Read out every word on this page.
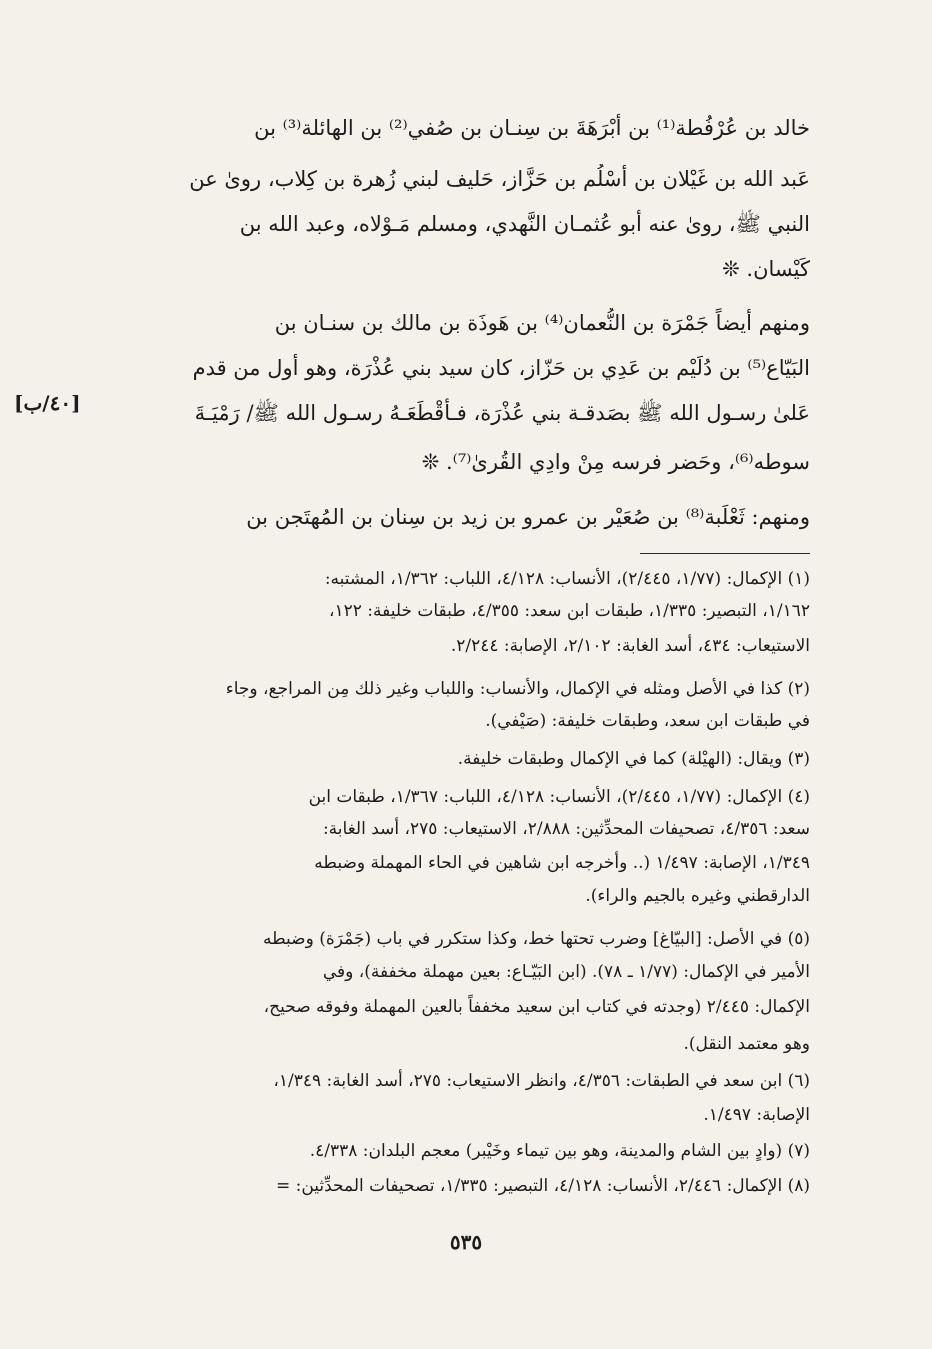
خالد بن عُرْفُطة⁽¹⁾ بن أبْرَهَةَ بن سِنـان بن صُفي⁽²⁾ بن الهائلة⁽³⁾ بن
عَبد الله بن غَيْلان بن أسْلُم بن حَزَّاز، حَليف لبني زُهرة بن كِلاب، روىٰ عن
النبي ﷺ، روىٰ عنه أبو عُثمـان النَّهدي، ومسلم مَـوْلاه، وعبد الله بن
كَيْسان. ❊
ومنهم أيضاً جَمْرَة بن النُّعمان⁽⁴⁾ بن هَوذَة بن مالك بن سنـان بن
البَيّاع⁽⁵⁾ بن دُلَيْم بن عَدِي بن حَزّاز، كان سيد بني عُذْرَة، وهو أول من قدم
عَلىٰ رسـول الله ﷺ بصَدقـة بني عُذْرَة، فـأقْطَعَـهُ رسـول الله ﷺ/ رَمْيَـةَ
سوطه⁽⁶⁾، وحَضر فرسه مِنْ وادِي القُرىٰ⁽⁷⁾. ❊
ومنهم: ثَعْلَبة⁽⁸⁾ بن صُعَيْر بن عمرو بن زيد بن سِنان بن المُهتَجن بن
[٤٠/ب]
(١) الإكمال: (١/٧٧، ٢/٤٤٥)، الأنساب: ٤/١٢٨، اللباب: ١/٣٦٢، المشتبه:
١/١٦٢، التبصير: ١/٣٣٥، طبقات ابن سعد: ٤/٣٥٥، طبقات خليفة: ١٢٢،
الاستيعاب: ٤٣٤، أسد الغابة: ٢/١٠٢، الإصابة: ٢/٢٤٤.
(٢) كذا في الأصل ومثله في الإكمال، والأنساب: واللباب وغير ذلك مِن المراجع، وجاء
في طبقات ابن سعد، وطبقات خليفة: (صَيْفي).
(٣) ويقال: (الهيْلة) كما في الإكمال وطبقات خليفة.
(٤) الإكمال: (١/٧٧، ٢/٤٤٥)، الأنساب: ٤/١٢٨، اللباب: ١/٣٦٧، طبقات ابن
سعد: ٤/٣٥٦، تصحيفات المحدِّثين: ٢/٨٨٨، الاستيعاب: ٢٧٥، أسد الغابة:
١/٣٤٩، الإصابة: ١/٤٩٧ (.. وأخرجه ابن شاهين في الحاء المهملة وضبطه
الدارقطني وغيره بالجيم والراء).
(٥) في الأصل: [البيّاغ] وضرب تحتها خط، وكذا ستكرر في باب (جَمْرَة) وضبطه
الأمير في الإكمال: (١/٧٧ ـ ٧٨). (ابن البَيّـاع: بعين مهملة مخففة)، وفي
الإكمال: ٢/٤٤٥ (وجدته في كتاب ابن سعيد مخففاً بالعين المهملة وفوقه صحيح،
وهو معتمد النقل).
(٦) ابن سعد في الطبقات: ٤/٣٥٦، وانظر الاستيعاب: ٢٧٥، أسد الغابة: ١/٣٤٩،
الإصابة: ١/٤٩٧.
(٧) (وادٍ بين الشام والمدينة، وهو بين تيماء وخَيْبر) معجم البلدان: ٤/٣٣٨.
(٨) الإكمال: ٢/٤٤٦، الأنساب: ٤/١٢٨، التبصير: ١/٣٣٥، تصحيفات المحدِّثين: =
٥٣٥
